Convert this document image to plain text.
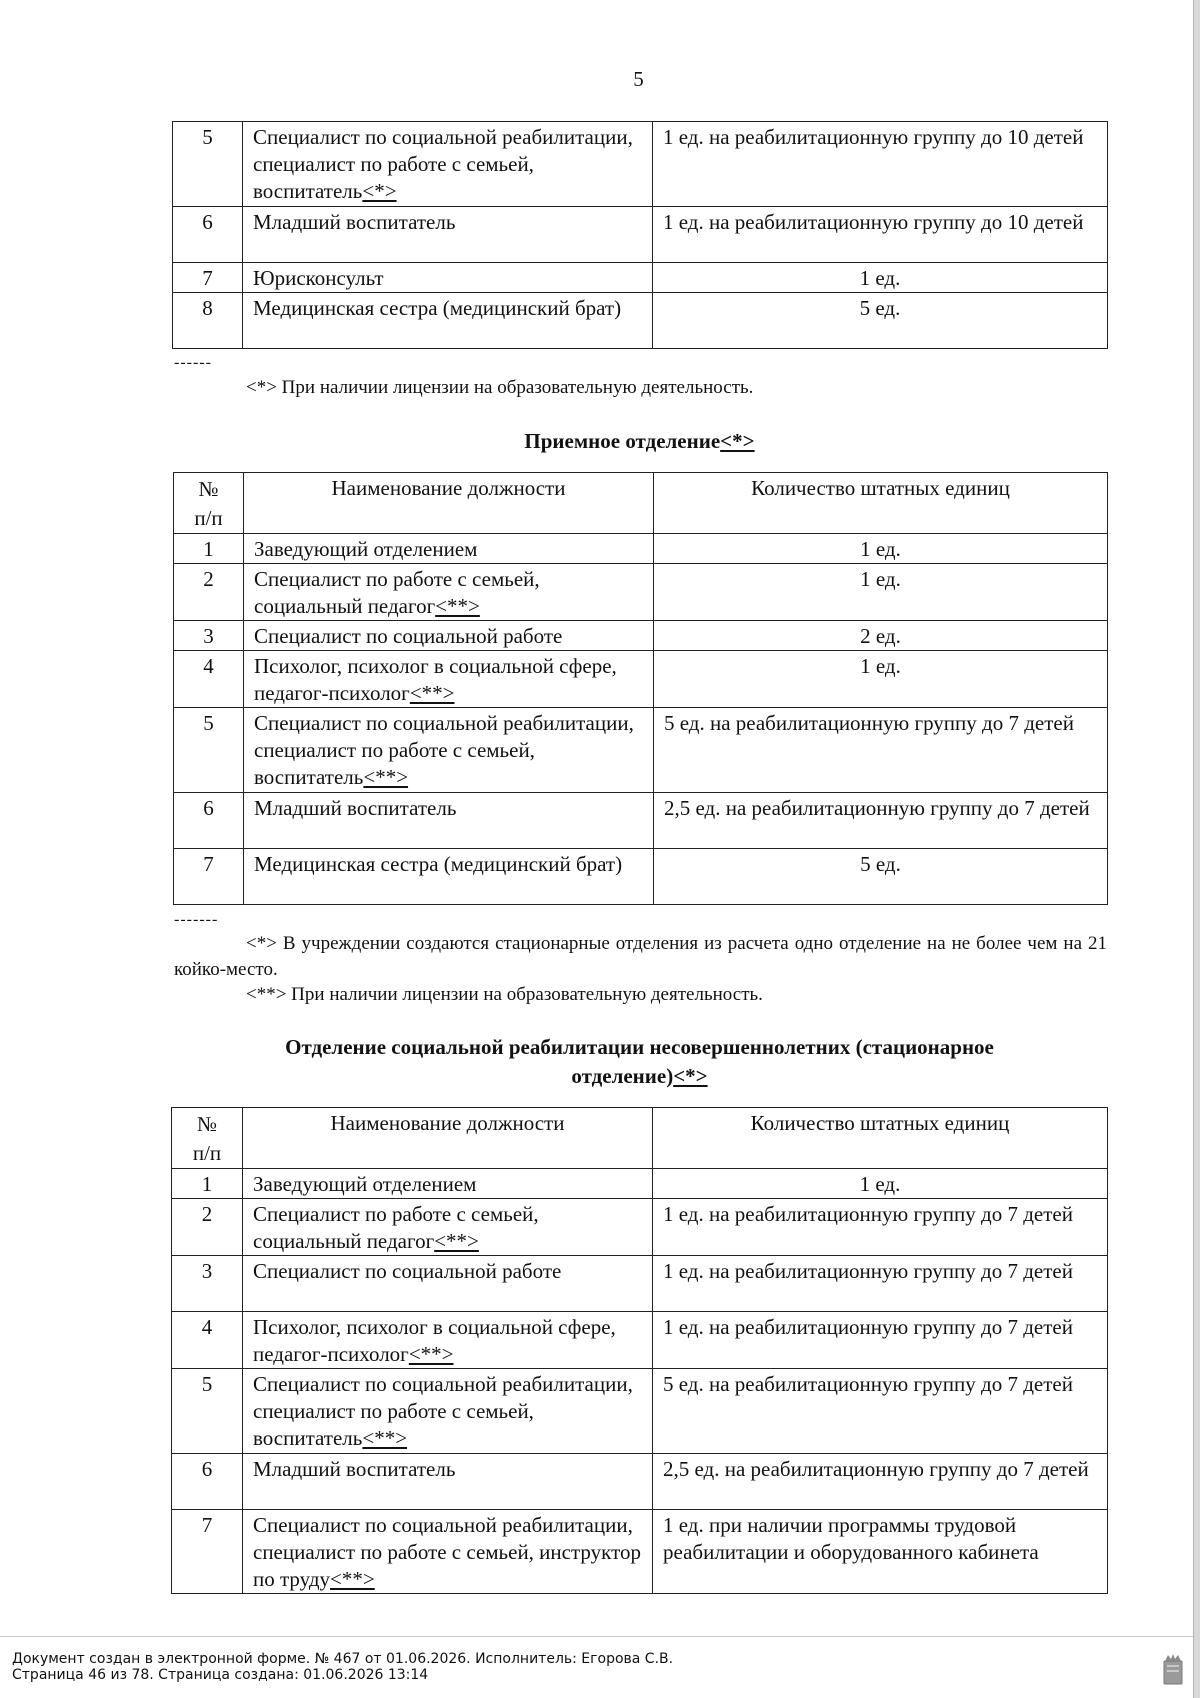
5
5	Специалист по социальной реабилитации, специалист по работе с семьей, воспитатель<*>	1 ед. на реабилитационную группу до 10 детей
6	Младший воспитатель	1 ед. на реабилитационную группу до 10 детей
7	Юрисконсульт	1 ед.
8	Медицинская сестра (медицинский брат)	5 ед.
------
<*> При наличии лицензии на образовательную деятельность.
Приемное отделение<*>
№
п/п	Наименование должности	Количество штатных единиц
1	Заведующий отделением	1 ед.
2	Специалист по работе с семьей, социальный педагог<**>	1 ед.
3	Специалист по социальной работе	2 ед.
4	Психолог, психолог в социальной сфере, педагог-психолог<**>	1 ед.
5	Специалист по социальной реабилитации, специалист по работе с семьей, воспитатель<**>	5 ед. на реабилитационную группу до 7 детей
6	Младший воспитатель	2,5 ед. на реабилитационную группу до 7 детей
7	Медицинская сестра (медицинский брат)	5 ед.
-------
<*> В учреждении создаются стационарные отделения из расчета одно отделение на не более чем на 21 койко-место.
<**> При наличии лицензии на образовательную деятельность.
Отделение социальной реабилитации несовершеннолетних (стационарное
отделение)<*>
№
п/п	Наименование должности	Количество штатных единиц
1	Заведующий отделением	1 ед.
2	Специалист по работе с семьей, социальный педагог<**>	1 ед. на реабилитационную группу до 7 детей
3	Специалист по социальной работе	1 ед. на реабилитационную группу до 7 детей
4	Психолог, психолог в социальной сфере, педагог-психолог<**>	1 ед. на реабилитационную группу до 7 детей
5	Специалист по социальной реабилитации, специалист по работе с семьей, воспитатель<**>	5 ед. на реабилитационную группу до 7 детей
6	Младший воспитатель	2,5 ед. на реабилитационную группу до 7 детей
7	Специалист по социальной реабилитации, специалист по работе с семьей, инструктор по труду<**>	1 ед. при наличии программы трудовой реабилитации и оборудованного кабинета
Документ создан в электронной форме. № 467 от 01.06.2026. Исполнитель: Егорова С.В.
Страница 46 из 78. Страница создана: 01.06.2026 13:14
